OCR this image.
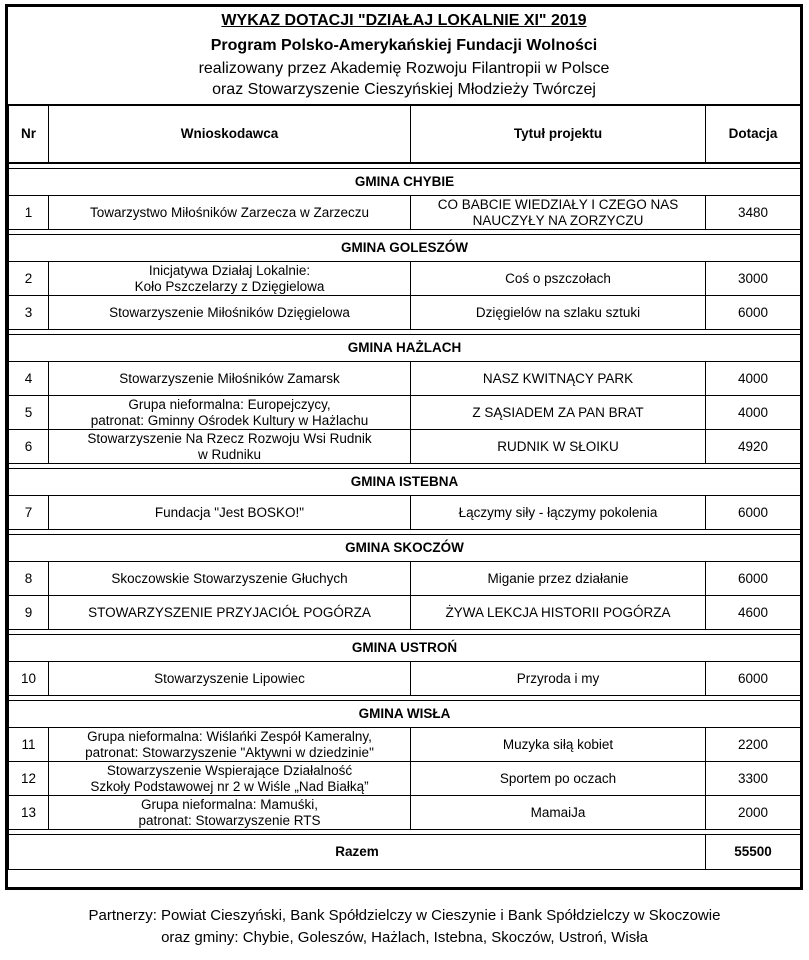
WYKAZ DOTACJI "DZIAŁAJ LOKALNIE XI" 2019
Program Polsko-Amerykańskiej Fundacji Wolności
realizowany przez Akademię Rozwoju Filantropii w Polsce
oraz Stowarzyszenie Cieszyńskiej Młodzieży Twórczej
Nr	Wnioskodawca	Tytuł projektu	Dotacja

GMINA CHYBIE			
1	Towarzystwo Miłośników Zarzecza w Zarzeczu	CO BABCIE WIEDZIAŁY I CZEGO NAS
NAUCZYŁY NA ZORZYCZU	3480

GMINA GOLESZÓW			
2	Inicjatywa Działaj Lokalnie:
Koło Pszczelarzy z Dzięgielowa	Coś o pszczołach	3000
3	Stowarzyszenie Miłośników Dzięgielowa	Dzięgielów na szlaku sztuki	6000

GMINA HAŻLACH			
4	Stowarzyszenie Miłośników Zamarsk	NASZ KWITNĄCY PARK	4000
5	Grupa nieformalna: Europejczycy,
patronat: Gminny Ośrodek Kultury w Hażlachu	Z SĄSIADEM ZA PAN BRAT	4000
6	Stowarzyszenie Na Rzecz Rozwoju Wsi Rudnik
w Rudniku	RUDNIK W SŁOIKU	4920

GMINA ISTEBNA			
7	Fundacja "Jest BOSKO!"	Łączymy siły - łączymy pokolenia	6000

GMINA SKOCZÓW			
8	Skoczowskie Stowarzyszenie Głuchych	Miganie przez działanie	6000
9	STOWARZYSZENIE PRZYJACIÓŁ POGÓRZA	ŻYWA LEKCJA HISTORII POGÓRZA	4600

GMINA USTROŃ			
10	Stowarzyszenie Lipowiec	Przyroda i my	6000

GMINA WISŁA			
11	Grupa nieformalna: Wiślańki Zespół Kameralny,
patronat: Stowarzyszenie "Aktywni w dziedzinie"	Muzyka siłą kobiet	2200
12	Stowarzyszenie Wspierające Działalność
Szkoły Podstawowej nr 2 w Wiśle „Nad Białką”	Sportem po oczach	3300
13	Grupa nieformalna: Mamuśki,
patronat: Stowarzyszenie RTS	MamaiJa	2000

Razem			55500
Partnerzy: Powiat Cieszyński, Bank Spółdzielczy w Cieszynie i Bank Spółdzielczy w Skoczowie
oraz gminy: Chybie, Goleszów, Hażlach, Istebna, Skoczów, Ustroń, Wisła
